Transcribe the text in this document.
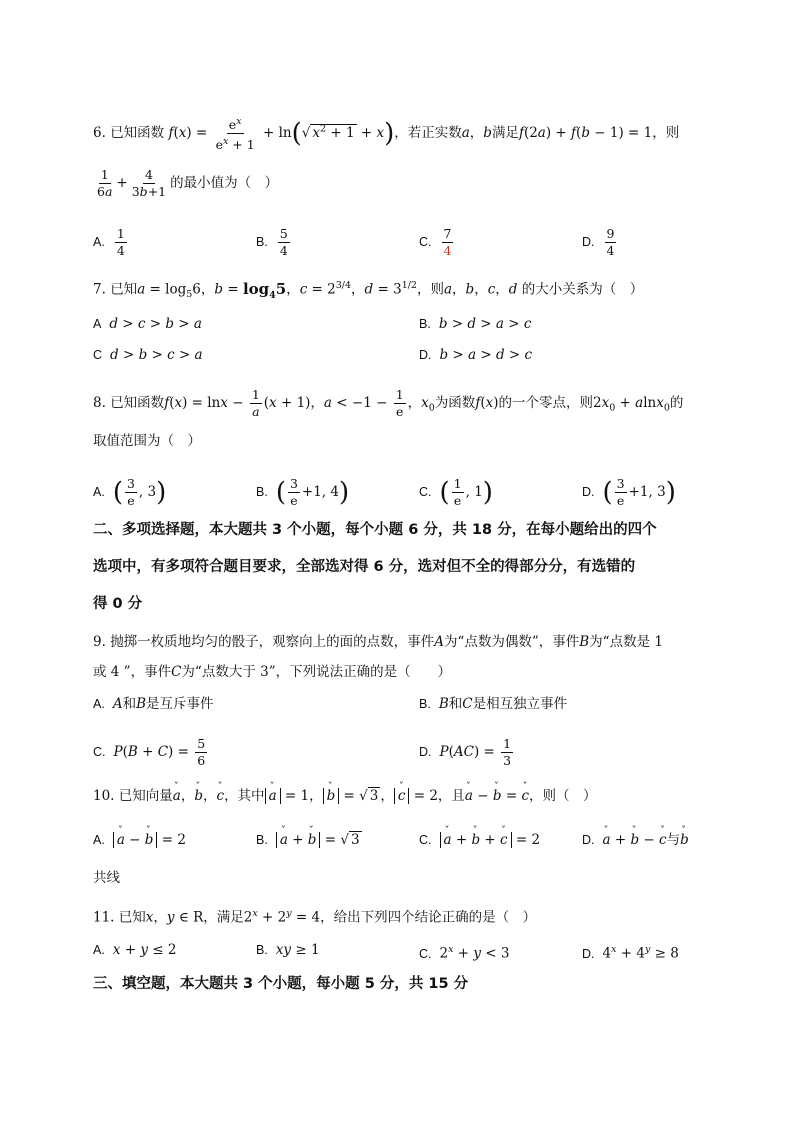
6. 已知函数 $f(x) = \frac{e^x}{e^x + 1} + \ln(√$ $x^2 + 1 + x$)，若正实数a，b满足f(2a) + f(b − 1) = 1，则
$\frac{1}{6a} + \frac{4}{3b+1}$ 的最小值为（　）
A. $\frac{1}{4}$	B. $\frac{5}{4}$	C. $\frac{7}{4}$	D. $\frac{9}{4}$
7. 已知$a = \log_56$，$b = \log_45$，$c = 2^{3/4}$，$d = 3^{1/2}$，则a，b，c，d 的大小关系为（　）
A d > c > b > a	B. b > d > a > c
C d > b > c > a	D. b > a > d > c
8. 已知函数$f(x) = \ln x - \frac{1}{a} (x + 1)$，$a < -1 - \frac{1}{e}$ ，$x_0$为函数f(x)的一个零点，则$2x_0 + alnx_0$的
取值范围为（　）
A. ( $\frac{3}{e}$ , 3)	B. ( $\frac{3}{e} +1$, 4)	C. ( $\frac{1}{e}$ , 1)	D. ( $\frac{3}{e} +1$, 3)
二、多项选择题，本大题共 3 个小题，每个小题 6 分，共 18 分，在每小题给出的四个
选项中，有多项符合题目要求，全部选对得 6 分，选对但不全的得部分分，有选错的
得 0 分
9. 抛掷一枚质地均匀的骰子，观察向上的面的点数，事件A为“点数为偶数”，事件B为“点数是 1
或 4 ”，事件C为“点数大于 3”，下列说法正确的是（　　）
A. A和B是互斥事件	B. B和C是相互独立事件
C. $P(B + C) = \frac{5}{6}$	D. $P(AC) = \frac{1}{3}$
10. 已知向量ˇ a，ˇ b，ˇ c，其中 ˇ a = 1， ˇ b = √ 3 ， ˇ c = 2，且ˇ a − ˇ b = ˇ c，则（　）
A. ˇ a − ˇ b = 2	B. ˇ a + ˇ b = √ 3	C. ˇ a + ˇ b + ˇ c = 2	D. ˇ a + ˇ b − ˇ c与ˇ b
共线
11. 已知x，y ∈ R，满足$2^x + 2^y = 4$，给出下列四个结论正确的是（　）
A. x + y ≤ 2	B. xy ≥ 1	C. $2^x + y < 3$	D. $4^x + 4^y \ge 8$
三、填空题，本大题共 3 个小题，每小题 5 分，共 15 分
